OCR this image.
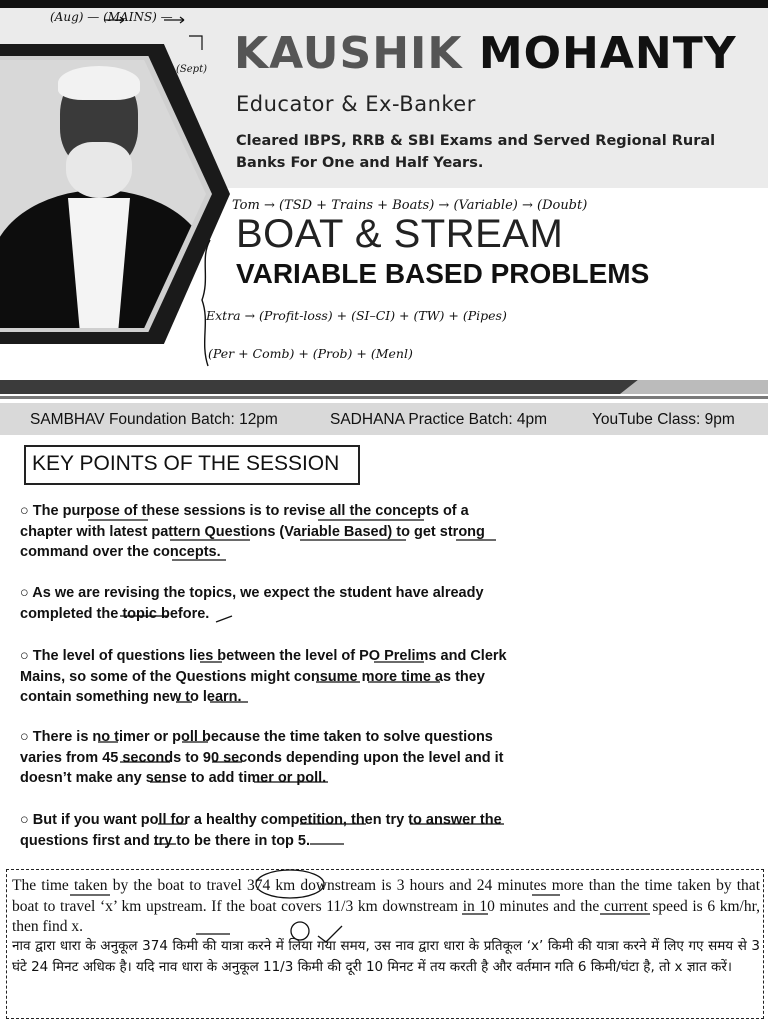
KAUSHIK MOHANTY
Educator & Ex-Banker
Cleared IBPS, RRB & SBI Exams and Served Regional Rural Banks For One and Half Years.
(Aug) — (MAINS) —
(Sept)
Tom → (TSD + Trains + Boats) → (Variable) → (Doubt)
BOAT & STREAM
VARIABLE BASED PROBLEMS
Extra → (Profit-loss) + (SI–CI) + (TW) + (Pipes)
(Per + Comb) + (Prob) + (Menl)
SAMBHAV Foundation Batch: 12pm	SADHANA Practice Batch: 4pm	YouTube Class: 9pm
KEY POINTS OF THE SESSION
○ The purpose of these sessions is to revise all the concepts of a chapter with latest pattern Questions (Variable Based) to get strong command over the concepts.
○ As we are revising the topics, we expect the student have already completed the topic before.
○ The level of questions lies between the level of PO Prelims and Clerk Mains, so some of the Questions might consume more time as they contain something new to learn.
○ There is no timer or poll because the time taken to solve questions varies from 45 seconds to 90 seconds depending upon the level and it doesn’t make any sense to add timer or poll.
○ But if you want poll for a healthy competition, then try to answer the questions first and try to be there in top 5.
The time taken by the boat to travel 374 km downstream is 3 hours and 24 minutes more than the time taken by that boat to travel ‘x’ km upstream. If the boat covers 11/3 km downstream in 10 minutes and the current speed is 6 km/hr, then find x.
नाव द्वारा धारा के अनुकूल 374 किमी की यात्रा करने में लिया गया समय, उस नाव द्वारा धारा के प्रतिकूल ‘x’ किमी की यात्रा करने में लिए गए समय से 3 घंटे 24 मिनट अधिक है। यदि नाव धारा के अनुकूल 11/3 किमी की दूरी 10 मिनट में तय करती है और वर्तमान गति 6 किमी/घंटा है, तो x ज्ञात करें।
